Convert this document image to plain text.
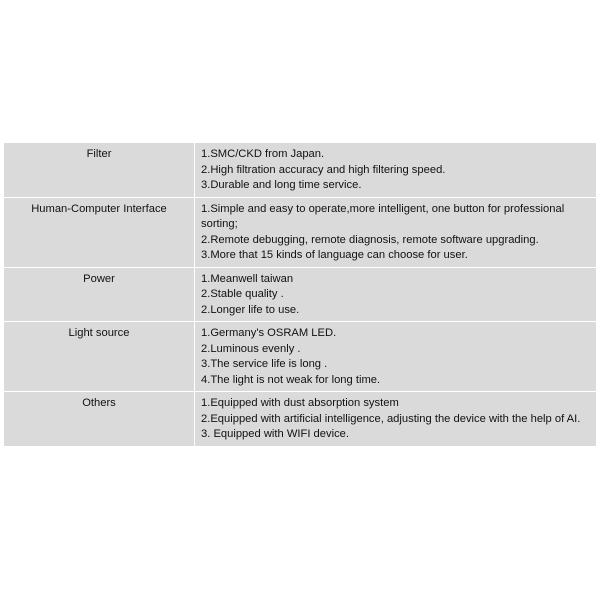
Filter	1.SMC/CKD from Japan.
2.High filtration accuracy and high filtering speed.
3.Durable and long time service.

Human-Computer Interface	1.Simple and easy to operate,more intelligent, one button for professional sorting;
2.Remote debugging, remote diagnosis, remote software upgrading.
3.More that 15 kinds of language can choose for user.

Power	1.Meanwell taiwan
2.Stable quality .
2.Longer life to use.

Light source	1.Germany's OSRAM LED.
2.Luminous evenly .
3.The service life is long .
4.The light is not weak for long time.

Others	1.Equipped with dust absorption system
2.Equipped with artificial intelligence, adjusting the device with the help of AI.
3. Equipped with WIFI device.
